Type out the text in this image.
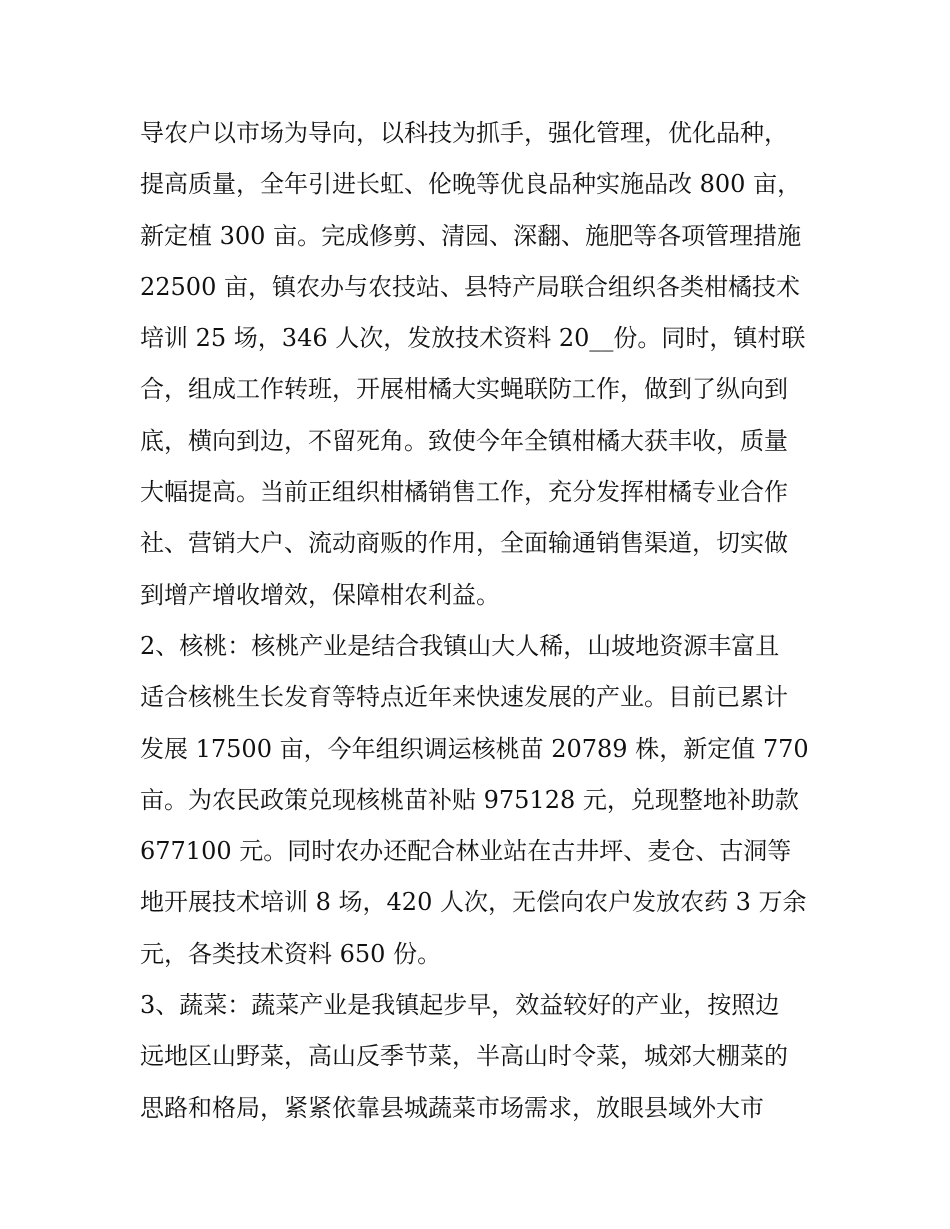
导农户以市场为导向，以科技为抓手，强化管理，优化品种，
提高质量，全年引进长虹、伦晚等优良品种实施品改 800 亩，
新定植 300 亩。完成修剪、清园、深翻、施肥等各项管理措施
22500 亩，镇农办与农技站、县特产局联合组织各类柑橘技术
培训 25 场，346 人次，发放技术资料 20__份。同时，镇村联
合，组成工作转班，开展柑橘大实蝇联防工作，做到了纵向到
底，横向到边，不留死角。致使今年全镇柑橘大获丰收，质量
大幅提高。当前正组织柑橘销售工作，充分发挥柑橘专业合作
社、营销大户、流动商贩的作用，全面输通销售渠道，切实做
到增产增收增效，保障柑农利益。
2、核桃：核桃产业是结合我镇山大人稀，山坡地资源丰富且
适合核桃生长发育等特点近年来快速发展的产业。目前已累计
发展 17500 亩，今年组织调运核桃苗 20789 株，新定值 770
亩。为农民政策兑现核桃苗补贴 975128 元，兑现整地补助款
677100 元。同时农办还配合林业站在古井坪、麦仓、古洞等
地开展技术培训 8 场，420 人次，无偿向农户发放农药 3 万余
元，各类技术资料 650 份。
3、蔬菜：蔬菜产业是我镇起步早，效益较好的产业，按照边
远地区山野菜，高山反季节菜，半高山时令菜，城郊大棚菜的
思路和格局，紧紧依靠县城蔬菜市场需求，放眼县域外大市
